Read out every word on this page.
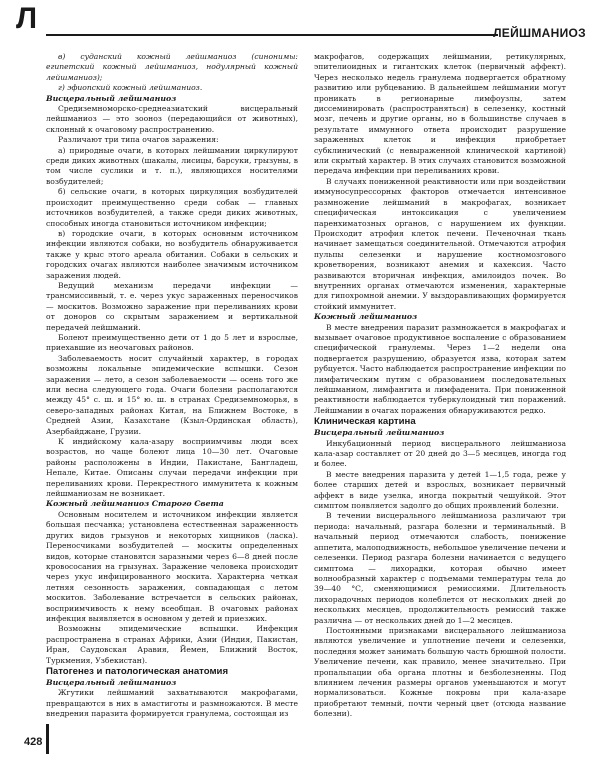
Л	ЛЕЙШМАНИОЗ

в) суданский кожный лейшманиоз (синонимы: египетский кожный лейшманиоз, нодулярный кожный лейшманиоз);

г) эфиопский кожный лейшманиоз.

Висцеральный лейшманиоз

Средиземноморско-среднеазиатский висцеральный лейшманиоз — это зооноз (передающийся от животных), склонный к очаговому распространению.

Различают три типа очагов заражения:

а) природные очаги, в которых лейшмании циркулируют среди диких животных (шакалы, лисицы, барсуки, грызуны, в том числе суслики и т. п.), являющихся носителями возбудителей;

б) сельские очаги, в которых циркуляция возбудителей происходит преимущественно среди собак — главных источников возбудителей, а также среди диких животных, способных иногда становиться источником инфекции;

в) городские очаги, в которых основным источником инфекции являются собаки, но возбудитель обнаруживается также у крыс этого ареала обитания. Собаки в сельских и городских очагах являются наиболее значимым источником заражения людей.

Ведущий механизм передачи инфекции — трансмиссивный, т. е. через укус зараженных переносчиков — москитов. Возможно заражение при переливаниях крови от доноров со скрытым заражением и вертикальной передачей лейшманий.

Болеют преимущественно дети от 1 до 5 лет и взрослые, приехавшие из неочаговых районов.

Заболеваемость носит случайный характер, в городах возможны локальные эпидемические вспышки. Сезон заражения — лето, а сезон заболеваемости — осень того же или весна следующего года. Очаги болезни располагаются между 45° с. ш. и 15° ю. ш. в странах Средиземноморья, в северо-западных районах Китая, на Ближнем Востоке, в Средней Азии, Казахстане (Кзыл-Ординская область), Азербайджане, Грузии.

К индийскому кала-азару восприимчивы люди всех возрастов, но чаще болеют лица 10—30 лет. Очаговые районы расположены в Индии, Пакистане, Бангладеш, Непале, Китае. Описаны случаи передачи инфекции при переливаниях крови. Перекрестного иммунитета к кожным лейшманиозам не возникает.

Кожный лейшманиоз Старого Света

Основным носителем и источником инфекции является большая песчанка; установлена естественная зараженность других видов грызунов и некоторых хищников (ласка). Переносчиками возбудителей — москиты определенных видов, которые становятся заразными через 6—8 дней после кровососания на грызунах. Заражение человека происходит через укус инфицированного москита. Характерна четкая летняя сезонность заражения, совпадающая с летом москитов. Заболевание встречается в сельских районах, восприимчивость к нему всеобщая. В очаговых районах инфекция выявляется в основном у детей и приезжих.

Возможны эпидемические вспышки. Инфекция распространена в странах Африки, Азии (Индия, Пакистан, Иран, Саудовская Аравия, Йемен, Ближний Восток, Туркмения, Узбекистан).

Патогенез и патологическая анатомия

Висцеральный лейшманиоз

Жгутики лейшманий захватываются макрофагами, превращаются в них в амастиготы и размножаются. В месте внедрения паразита формируется гранулема, состоящая из

макрофагов, содержащих лейшмании, ретикулярных, эпителиоидных и гигантских клеток (первичный аффект). Через несколько недель гранулема подвергается обратному развитию или рубцеванию. В дальнейшем лейшмании могут проникать в регионарные лимфоузлы, затем диссеминировать (распространяться) в селезенку, костный мозг, печень и другие органы, но в большинстве случаев в результате иммунного ответа происходит разрушение зараженных клеток и инфекция приобретает субклинический (с невыраженной клинической картиной) или скрытый характер. В этих случаях становится возможной передача инфекции при переливаниях крови.

В случаях пониженной реактивности или при воздействии иммуносупрессорных факторов отмечается интенсивное размножение лейшманий в макрофагах, возникает специфическая интоксикация с увеличением паренхиматозных органов, с нарушением их функции. Происходит атрофия клеток печени. Печеночная ткань начинает замещаться соединительной. Отмечаются атрофия пульпы селезенки и нарушение костномозгового кроветворения, возникают анемия и кахексия. Часто развиваются вторичная инфекция, амилоидоз почек. Во внутренних органах отмечаются изменения, характерные для гипохромной анемии. У выздоравливающих формируется стойкий иммунитет.

Кожный лейшманиоз

В месте внедрения паразит размножается в макрофагах и вызывает очаговое продуктивное воспаление с образованием специфической гранулемы. Через 1—2 недели она подвергается разрушению, образуется язва, которая затем рубцуется. Часто наблюдается распространение инфекции по лимфатическим путям с образованием последовательных лейшманиом, лимфангита и лимфаденита. При пониженной реактивности наблюдается туберкулоидный тип поражений. Лейшмании в очагах поражения обнаруживаются редко.

Клиническая картина

Висцеральный лейшманиоз

Инкубационный период висцерального лейшманиоза кала-азар составляет от 20 дней до 3—5 месяцев, иногда год и более.

В месте внедрения паразита у детей 1—1,5 года, реже у более старших детей и взрослых, возникает первичный аффект в виде узелка, иногда покрытый чешуйкой. Этот симптом появляется задолго до общих проявлений болезни.

В течении висцерального лейшманиоза различают три периода: начальный, разгара болезни и терминальный. В начальный период отмечаются слабость, понижение аппетита, малоподвижность, небольшое увеличение печени и селезенки. Период разгара болезни начинается с ведущего симптома — лихорадки, которая обычно имеет волнообразный характер с подъемами температуры тела до 39—40 °С, сменяющимися ремиссиями. Длительность лихорадочных периодов колеблется от нескольких дней до нескольких месяцев, продолжительность ремиссий также различна — от нескольких дней до 1—2 месяцев.

Постоянными признаками висцерального лейшманиоза являются увеличение и уплотнение печени и селезенки, последняя может занимать большую часть брюшной полости. Увеличение печени, как правило, менее значительно. При пропальпации оба органа плотны и безболезненны. Под влиянием лечения размеры органов уменьшаются и могут нормализоваться. Кожные покровы при кала-азаре приобретают темный, почти черный цвет (отсюда название болезни).

428
